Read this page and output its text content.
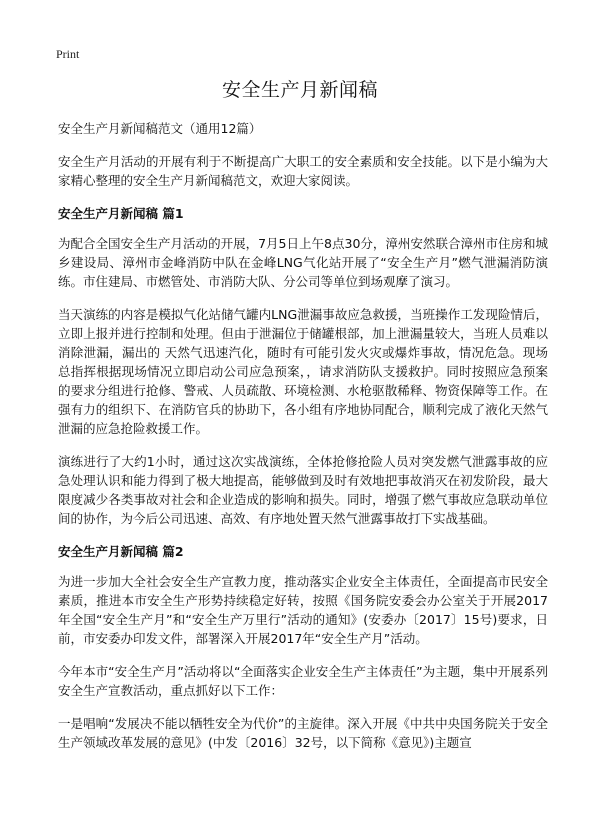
Print
安全生产月新闻稿

安全生产月新闻稿范文（通用12篇）

安全生产月活动的开展有利于不断提高广大职工的安全素质和安全技能。以下是小编为大家精心整理的安全生产月新闻稿范文，欢迎大家阅读。

安全生产月新闻稿 篇1

为配合全国安全生产月活动的开展，7月5日上午8点30分，漳州安然联合漳州市住房和城乡建设局、漳州市金峰消防中队在金峰LNG气化站开展了“安全生产月”燃气泄漏消防演练。市住建局、市燃管处、市消防大队、分公司等单位到场观摩了演习。

当天演练的内容是模拟气化站储气罐内LNG泄漏事故应急救援，当班操作工发现险情后，立即上报并进行控制和处理。但由于泄漏位于储罐根部，加上泄漏量较大，当班人员难以消除泄漏，漏出的 天然气迅速汽化，随时有可能引发火灾或爆炸事故，情况危急。现场总指挥根据现场情况立即启动公司应急预案，，请求消防队支援救护。同时按照应急预案的要求分组进行抢修、警戒、人员疏散、环境检测、水枪驱散稀释、物资保障等工作。在强有力的组织下、在消防官兵的协助下，各小组有序地协同配合，顺利完成了液化天然气泄漏的应急抢险救援工作。

演练进行了大约1小时，通过这次实战演练，全体抢修抢险人员对突发燃气泄露事故的应急处理认识和能力得到了极大地提高，能够做到及时有效地把事故消灭在初发阶段，最大限度减少各类事故对社会和企业造成的影响和损失。同时，增强了燃气事故应急联动单位间的协作，为今后公司迅速、高效、有序地处置天然气泄露事故打下实战基础。

安全生产月新闻稿 篇2

为进一步加大全社会安全生产宣教力度，推动落实企业安全主体责任，全面提高市民安全素质，推进本市安全生产形势持续稳定好转，按照《国务院安委会办公室关于开展2017年全国“安全生产月”和“安全生产万里行”活动的通知》(安委办〔2017〕15号)要求，日前，市安委办印发文件，部署深入开展2017年“安全生产月”活动。

今年本市“安全生产月”活动将以“全面落实企业安全生产主体责任”为主题，集中开展系列安全生产宣教活动，重点抓好以下工作：

一是唱响“发展决不能以牺牲安全为代价”的主旋律。深入开展《中共中央国务院关于安全生产领域改革发展的意见》(中发〔2016〕32号，以下简称《意见》)主题宣
